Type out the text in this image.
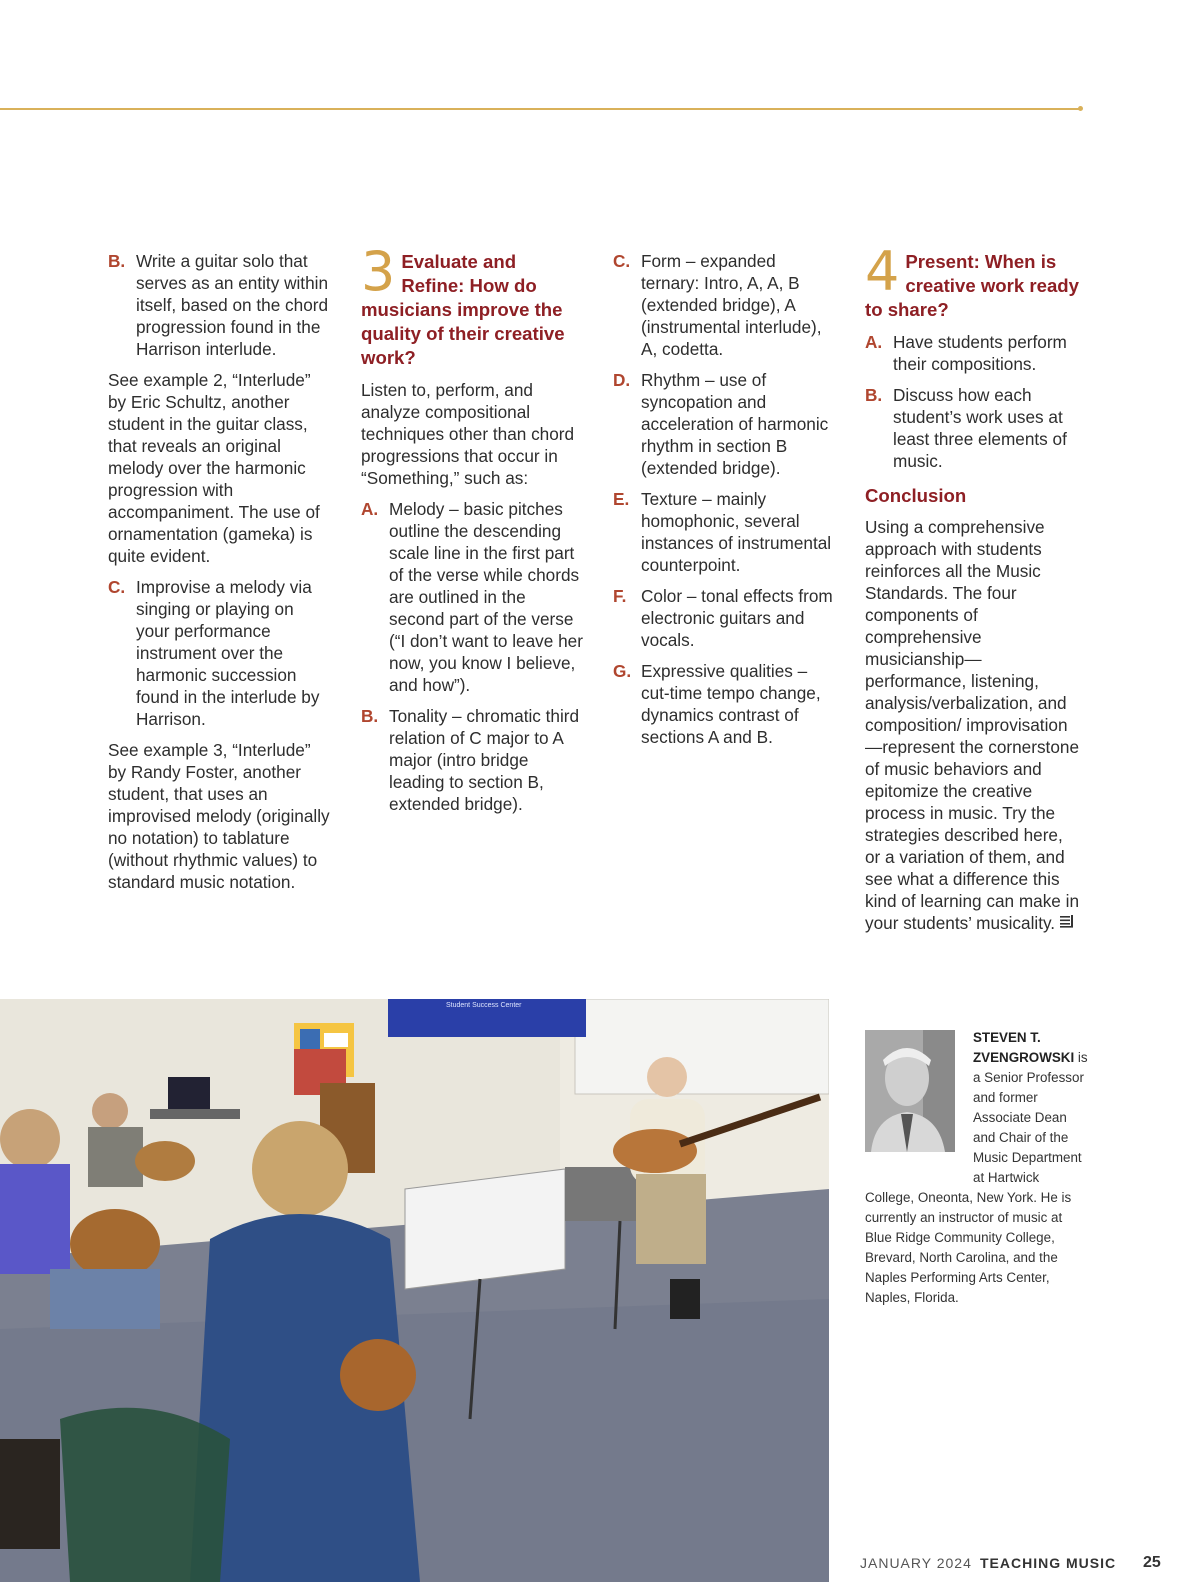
B. Write a guitar solo that serves as an entity within itself, based on the chord progression found in the Harrison interlude.

See example 2, “Interlude” by Eric Schultz, another student in the guitar class, that reveals an original melody over the harmonic progression with accompaniment. The use of ornamentation (gameka) is quite evident.

C. Improvise a melody via singing or playing on your performance instrument over the harmonic succession found in the interlude by Harrison.

See example 3, “Interlude” by Randy Foster, another student, that uses an improvised melody (originally no notation) to tablature (without rhythmic values) to standard music notation.

3 Evaluate and Refine: How do musicians improve the quality of their creative work?

Listen to, perform, and analyze compositional techniques other than chord progressions that occur in “Something,” such as:

A. Melody – basic pitches outline the descending scale line in the first part of the verse while chords are outlined in the second part of the verse (“I don’t want to leave her now, you know I believe, and how”).
B. Tonality – chromatic third relation of C major to A major (intro bridge leading to section B, extended bridge).
C. Form – expanded ternary: Intro, A, A, B (extended bridge), A (instrumental interlude), A, codetta.
D. Rhythm – use of syncopation and acceleration of harmonic rhythm in section B (extended bridge).
E. Texture – mainly homophonic, several instances of instrumental counterpoint.
F. Color – tonal effects from electronic guitars and vocals.
G. Expressive qualities – cut-time tempo change, dynamics contrast of sections A and B.
4 Present: When is creative work ready to share?
A. Have students perform their compositions.
B. Discuss how each student’s work uses at least three elements of music.
Conclusion

Using a comprehensive approach with students reinforces all the Music Standards. The four components of comprehensive musicianship—performance, listening, analysis/verbalization, and composition/ improvisation—represent the cornerstone of music behaviors and epitomize the creative process in music. Try the strategies described here, or a variation of them, and see what a difference this kind of learning can make in your students’ musicality.

Student Success Center
STEVEN T. ZVENGROWSKI is a Senior Professor and former Associate Dean and Chair of the Music Department at Hartwick College, Oneonta, New York. He is currently an instructor of music at Blue Ridge Community College, Brevard, North Carolina, and the Naples Performing Arts Center, Naples, Florida.
JANUARY 2024 TEACHING MUSIC 25
